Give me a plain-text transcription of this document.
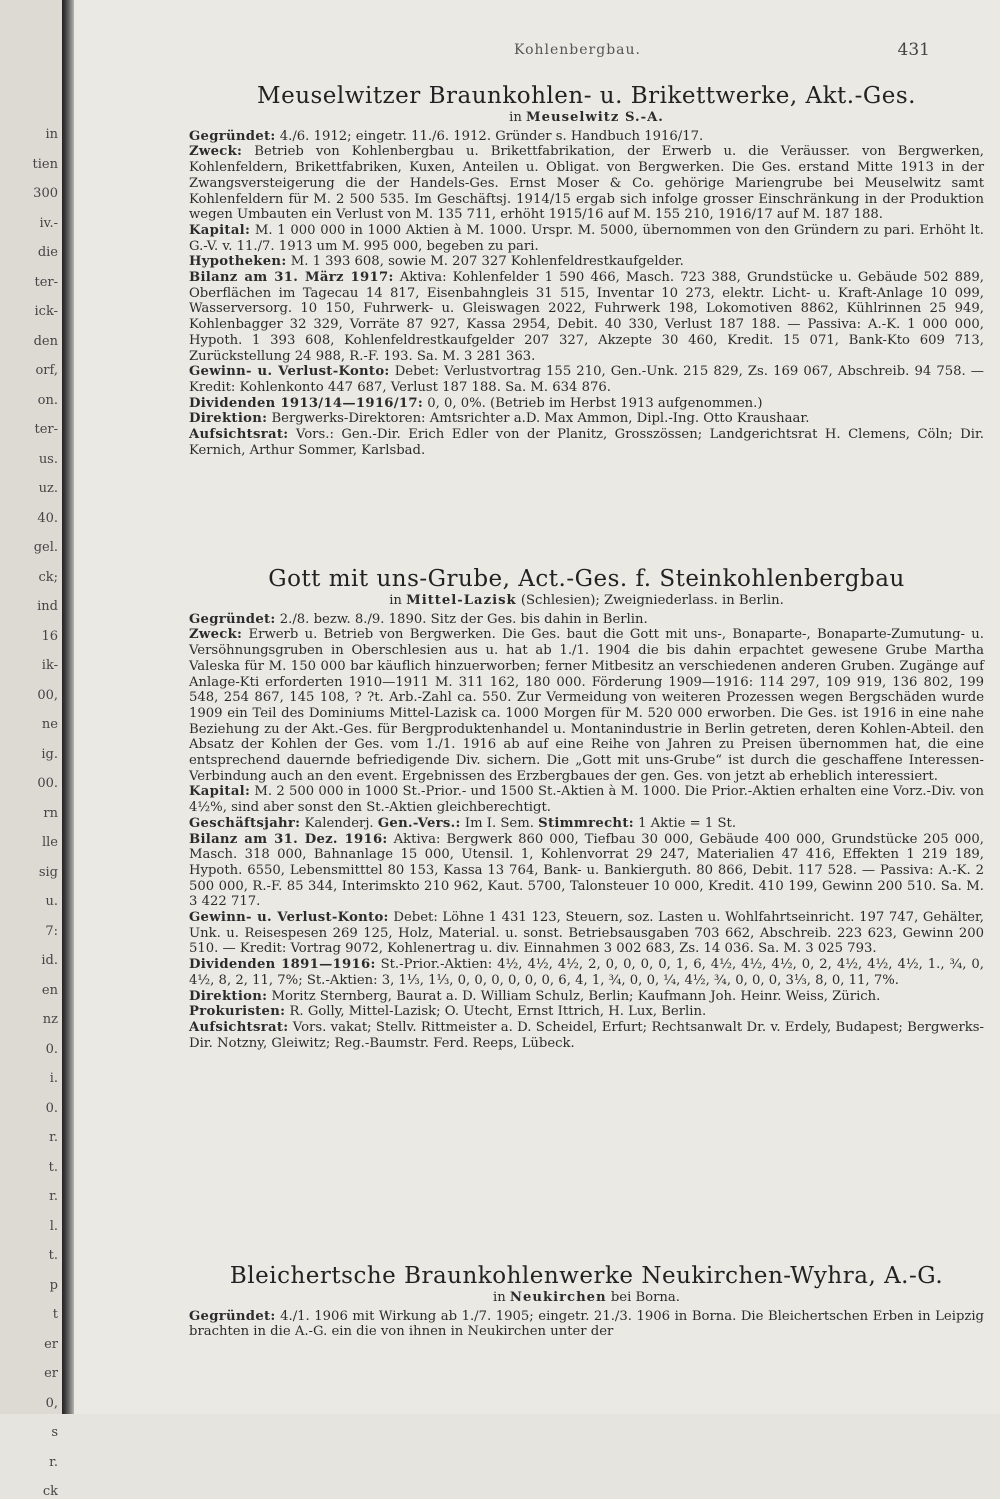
in
tien
300
iv.-
die
ter-
ick-
den
orf,
on.
ter-
us.
uz.
40.
gel.
ck;
ind
16
ik-
00,
ne
ig.
00.
rn
lle
sig
u.
7:
id.
en
nz
0.
i.
0.
r.
t.
r.
l.
t.
p
t
er
er
0,
s
r.
ck
Kohlenbergbau.	431
Meuselwitzer Braunkohlen- u. Brikettwerke, Akt.-Ges.
in Meuselwitz S.-A.

Gegründet: 4./6. 1912; eingetr. 11./6. 1912. Gründer s. Handbuch 1916/17.

Zweck: Betrieb von Kohlenbergbau u. Brikettfabrikation, der Erwerb u. die Veräusser. von Bergwerken, Kohlenfeldern, Brikettfabriken, Kuxen, Anteilen u. Obligat. von Bergwerken. Die Ges. erstand Mitte 1913 in der Zwangsversteigerung die der Handels-Ges. Ernst Moser & Co. gehörige Mariengrube bei Meuselwitz samt Kohlenfeldern für M. 2 500 535. Im Geschäftsj. 1914/15 ergab sich infolge grosser Einschränkung in der Produktion wegen Umbauten ein Verlust von M. 135 711, erhöht 1915/16 auf M. 155 210, 1916/17 auf M. 187 188.

Kapital: M. 1 000 000 in 1000 Aktien à M. 1000. Urspr. M. 5000, übernommen von den Gründern zu pari. Erhöht lt. G.-V. v. 11./7. 1913 um M. 995 000, begeben zu pari.

Hypotheken: M. 1 393 608, sowie M. 207 327 Kohlenfeldrestkaufgelder.

Bilanz am 31. März 1917: Aktiva: Kohlenfelder 1 590 466, Masch. 723 388, Grundstücke u. Gebäude 502 889, Oberflächen im Tagecau 14 817, Eisenbahngleis 31 515, Inventar 10 273, elektr. Licht- u. Kraft-Anlage 10 099, Wasserversorg. 10 150, Fuhrwerk- u. Gleiswagen 2022, Fuhrwerk 198, Lokomotiven 8862, Kühlrinnen 25 949, Kohlenbagger 32 329, Vorräte 87 927, Kassa 2954, Debit. 40 330, Verlust 187 188. — Passiva: A.-K. 1 000 000, Hypoth. 1 393 608, Kohlenfeldrestkaufgelder 207 327, Akzepte 30 460, Kredit. 15 071, Bank-Kto 609 713, Zurückstellung 24 988, R.-F. 193. Sa. M. 3 281 363.

Gewinn- u. Verlust-Konto: Debet: Verlustvortrag 155 210, Gen.-Unk. 215 829, Zs. 169 067, Abschreib. 94 758. — Kredit: Kohlenkonto 447 687, Verlust 187 188. Sa. M. 634 876.

Dividenden 1913/14—1916/17: 0, 0, 0%. (Betrieb im Herbst 1913 aufgenommen.)

Direktion: Bergwerks-Direktoren: Amtsrichter a.D. Max Ammon, Dipl.-Ing. Otto Kraushaar.

Aufsichtsrat: Vors.: Gen.-Dir. Erich Edler von der Planitz, Grosszössen; Landgerichtsrat H. Clemens, Cöln; Dir. Kernich, Arthur Sommer, Karlsbad.

Gott mit uns-Grube, Act.-Ges. f. Steinkohlenbergbau
in Mittel-Lazisk (Schlesien); Zweigniederlass. in Berlin.

Gegründet: 2./8. bezw. 8./9. 1890. Sitz der Ges. bis dahin in Berlin.

Zweck: Erwerb u. Betrieb von Bergwerken. Die Ges. baut die Gott mit uns-, Bonaparte-, Bonaparte-Zumutung- u. Versöhnungsgruben in Oberschlesien aus u. hat ab 1./1. 1904 die bis dahin erpachtet gewesene Grube Martha Valeska für M. 150 000 bar käuflich hinzuerworben; ferner Mitbesitz an verschiedenen anderen Gruben. Zugänge auf Anlage-Kti erforderten 1910—1911 M. 311 162, 180 000. Förderung 1909—1916: 114 297, 109 919, 136 802, 199 548, 254 867, 145 108, ? ?t. Arb.-Zahl ca. 550. Zur Vermeidung von weiteren Prozessen wegen Bergschäden wurde 1909 ein Teil des Dominiums Mittel-Lazisk ca. 1000 Morgen für M. 520 000 erworben. Die Ges. ist 1916 in eine nahe Beziehung zu der Akt.-Ges. für Bergproduktenhandel u. Montanindustrie in Berlin getreten, deren Kohlen-Abteil. den Absatz der Kohlen der Ges. vom 1./1. 1916 ab auf eine Reihe von Jahren zu Preisen übernommen hat, die eine entsprechend dauernde befriedigende Div. sichern. Die „Gott mit uns-Grube“ ist durch die geschaffene Interessen-Verbindung auch an den event. Ergebnissen des Erzbergbaues der gen. Ges. von jetzt ab erheblich interessiert.

Kapital: M. 2 500 000 in 1000 St.-Prior.- und 1500 St.-Aktien à M. 1000. Die Prior.-Aktien erhalten eine Vorz.-Div. von 4½%, sind aber sonst den St.-Aktien gleichberechtigt.

Geschäftsjahr: Kalenderj. Gen.-Vers.: Im I. Sem. Stimmrecht: 1 Aktie = 1 St.

Bilanz am 31. Dez. 1916: Aktiva: Bergwerk 860 000, Tiefbau 30 000, Gebäude 400 000, Grundstücke 205 000, Masch. 318 000, Bahnanlage 15 000, Utensil. 1, Kohlenvorrat 29 247, Materialien 47 416, Effekten 1 219 189, Hypoth. 6550, Lebensmitttel 80 153, Kassa 13 764, Bank- u. Bankierguth. 80 866, Debit. 117 528. — Passiva: A.-K. 2 500 000, R.-F. 85 344, Interimskto 210 962, Kaut. 5700, Talonsteuer 10 000, Kredit. 410 199, Gewinn 200 510. Sa. M. 3 422 717.

Gewinn- u. Verlust-Konto: Debet: Löhne 1 431 123, Steuern, soz. Lasten u. Wohlfahrtseinricht. 197 747, Gehälter, Unk. u. Reisespesen 269 125, Holz, Material. u. sonst. Betriebsausgaben 703 662, Abschreib. 223 623, Gewinn 200 510. — Kredit: Vortrag 9072, Kohlenertrag u. div. Einnahmen 3 002 683, Zs. 14 036. Sa. M. 3 025 793.

Dividenden 1891—1916: St.-Prior.-Aktien: 4½, 4½, 4½, 2, 0, 0, 0, 0, 1, 6, 4½, 4½, 4½, 0, 2, 4½, 4½, 4½, 1., ¾, 0, 4½, 8, 2, 11, 7%; St.-Aktien: 3, 1⅓, 1⅓, 0, 0, 0, 0, 0, 0, 6, 4, 1, ¾, 0, 0, ¼, 4½, ¾, 0, 0, 0, 3⅓, 8, 0, 11, 7%.

Direktion: Moritz Sternberg, Baurat a. D. William Schulz, Berlin; Kaufmann Joh. Heinr. Weiss, Zürich.

Prokuristen: R. Golly, Mittel-Lazisk; O. Utecht, Ernst Ittrich, H. Lux, Berlin.

Aufsichtsrat: Vors. vakat; Stellv. Rittmeister a. D. Scheidel, Erfurt; Rechtsanwalt Dr. v. Erdely, Budapest; Bergwerks-Dir. Notzny, Gleiwitz; Reg.-Baumstr. Ferd. Reeps, Lübeck.

Bleichertsche Braunkohlenwerke Neukirchen-Wyhra, A.-G.
in Neukirchen bei Borna.

Gegründet: 4./1. 1906 mit Wirkung ab 1./7. 1905; eingetr. 21./3. 1906 in Borna. Die Bleichertschen Erben in Leipzig brachten in die A.-G. ein die von ihnen in Neukirchen unter der
